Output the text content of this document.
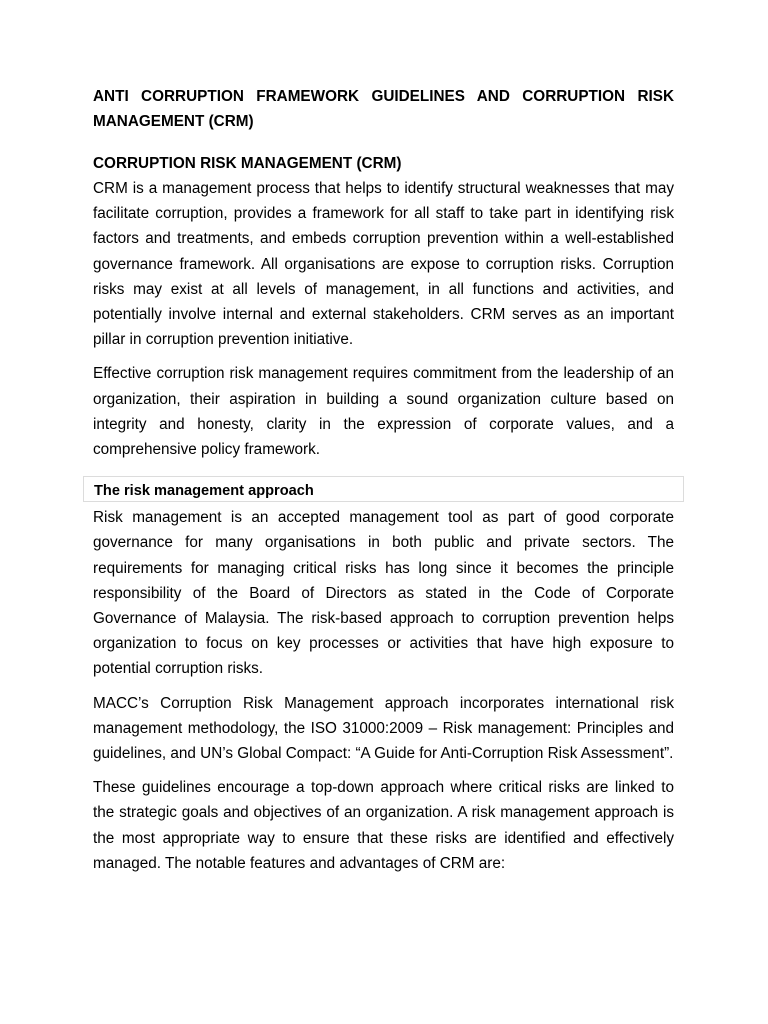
ANTI CORRUPTION FRAMEWORK GUIDELINES AND CORRUPTION RISK MANAGEMENT (CRM)
CORRUPTION RISK MANAGEMENT (CRM)

CRM is a management process that helps to identify structural weaknesses that may facilitate corruption, provides a framework for all staff to take part in identifying risk factors and treatments, and embeds corruption prevention within a well-established governance framework. All organisations are expose to corruption risks. Corruption risks may exist at all levels of management, in all functions and activities, and potentially involve internal and external stakeholders. CRM serves as an important pillar in corruption prevention initiative.

Effective corruption risk management requires commitment from the leadership of an organization, their aspiration in building a sound organization culture based on integrity and honesty, clarity in the expression of corporate values, and a comprehensive policy framework.

The risk management approach

Risk management is an accepted management tool as part of good corporate governance for many organisations in both public and private sectors. The requirements for managing critical risks has long since it becomes the principle responsibility of the Board of Directors as stated in the Code of Corporate Governance of Malaysia. The risk-based approach to corruption prevention helps organization to focus on key processes or activities that have high exposure to potential corruption risks.

MACC’s Corruption Risk Management approach incorporates international risk management methodology, the ISO 31000:2009 – Risk management: Principles and guidelines, and UN’s Global Compact: “A Guide for Anti-Corruption Risk Assessment”.

These guidelines encourage a top-down approach where critical risks are linked to the strategic goals and objectives of an organization. A risk management approach is the most appropriate way to ensure that these risks are identified and effectively managed. The notable features and advantages of CRM are:
